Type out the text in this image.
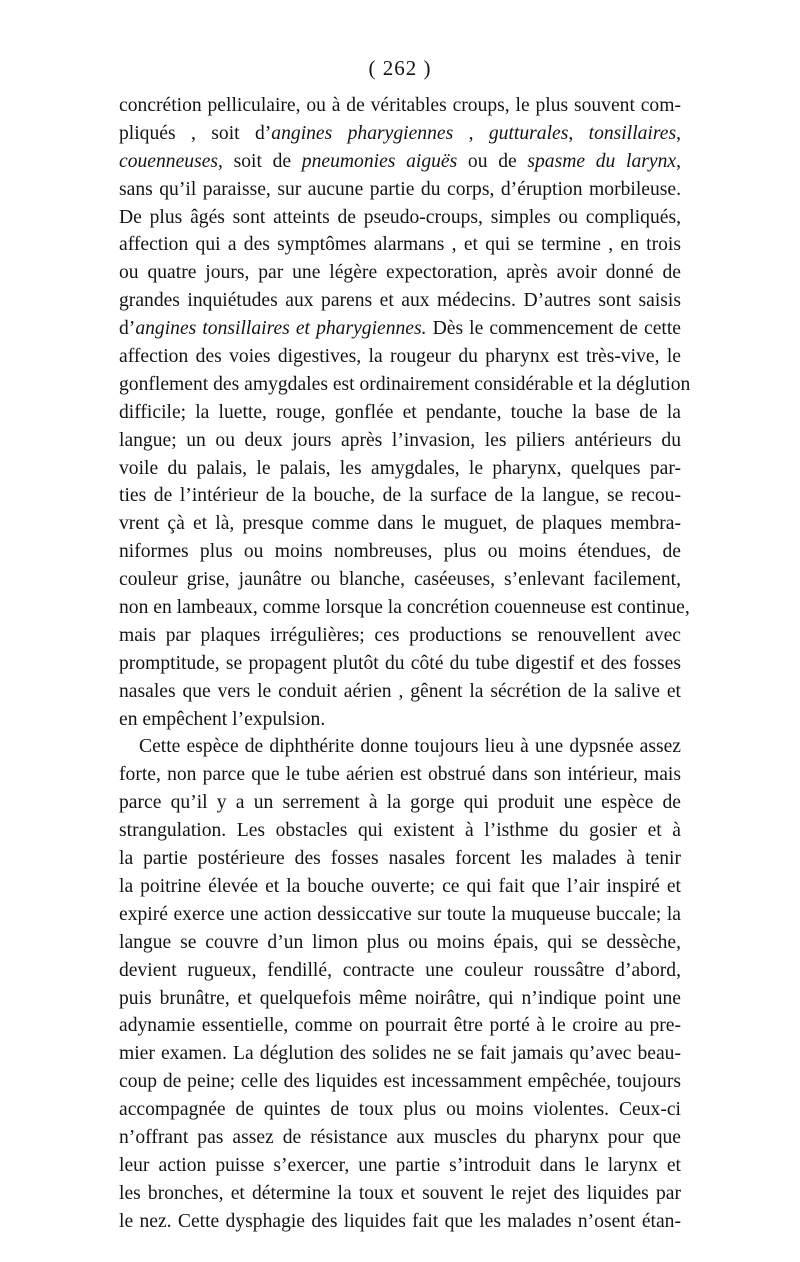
( 262 )
concrétion pelliculaire, ou à de véritables croups, le plus souvent com-
pliqués , soit d’angines pharygiennes , gutturales, tonsillaires,
couenneuses, soit de pneumonies aiguës ou de spasme du larynx,
sans qu’il paraisse, sur aucune partie du corps, d’éruption morbileuse.
De plus âgés sont atteints de pseudo-croups, simples ou compliqués,
affection qui a des symptômes alarmans , et qui se termine , en trois
ou quatre jours, par une légère expectoration, après avoir donné de
grandes inquiétudes aux parens et aux médecins. D’autres sont saisis
d’angines tonsillaires et pharygiennes. Dès le commencement de cette
affection des voies digestives, la rougeur du pharynx est très-vive, le
gonflement des amygdales est ordinairement considérable et la déglution
difficile; la luette, rouge, gonflée et pendante, touche la base de la
langue; un ou deux jours après l’invasion, les piliers antérieurs du
voile du palais, le palais, les amygdales, le pharynx, quelques par-
ties de l’intérieur de la bouche, de la surface de la langue, se recou-
vrent çà et là, presque comme dans le muguet, de plaques membra-
niformes plus ou moins nombreuses, plus ou moins étendues, de
couleur grise, jaunâtre ou blanche, caséeuses, s’enlevant facilement,
non en lambeaux, comme lorsque la concrétion couenneuse est continue,
mais par plaques irrégulières; ces productions se renouvellent avec
promptitude, se propagent plutôt du côté du tube digestif et des fosses
nasales que vers le conduit aérien , gênent la sécrétion de la salive et
en empêchent l’expulsion.
Cette espèce de diphthérite donne toujours lieu à une dypsnée assez
forte, non parce que le tube aérien est obstrué dans son intérieur, mais
parce qu’il y a un serrement à la gorge qui produit une espèce de
strangulation. Les obstacles qui existent à l’isthme du gosier et à
la partie postérieure des fosses nasales forcent les malades à tenir
la poitrine élevée et la bouche ouverte; ce qui fait que l’air inspiré et
expiré exerce une action dessiccative sur toute la muqueuse buccale; la
langue se couvre d’un limon plus ou moins épais, qui se dessèche,
devient rugueux, fendillé, contracte une couleur roussâtre d’abord,
puis brunâtre, et quelquefois même noirâtre, qui n’indique point une
adynamie essentielle, comme on pourrait être porté à le croire au pre-
mier examen. La déglution des solides ne se fait jamais qu’avec beau-
coup de peine; celle des liquides est incessamment empêchée, toujours
accompagnée de quintes de toux plus ou moins violentes. Ceux-ci
n’offrant pas assez de résistance aux muscles du pharynx pour que
leur action puisse s’exercer, une partie s’introduit dans le larynx et
les bronches, et détermine la toux et souvent le rejet des liquides par
le nez. Cette dysphagie des liquides fait que les malades n’osent étan-
